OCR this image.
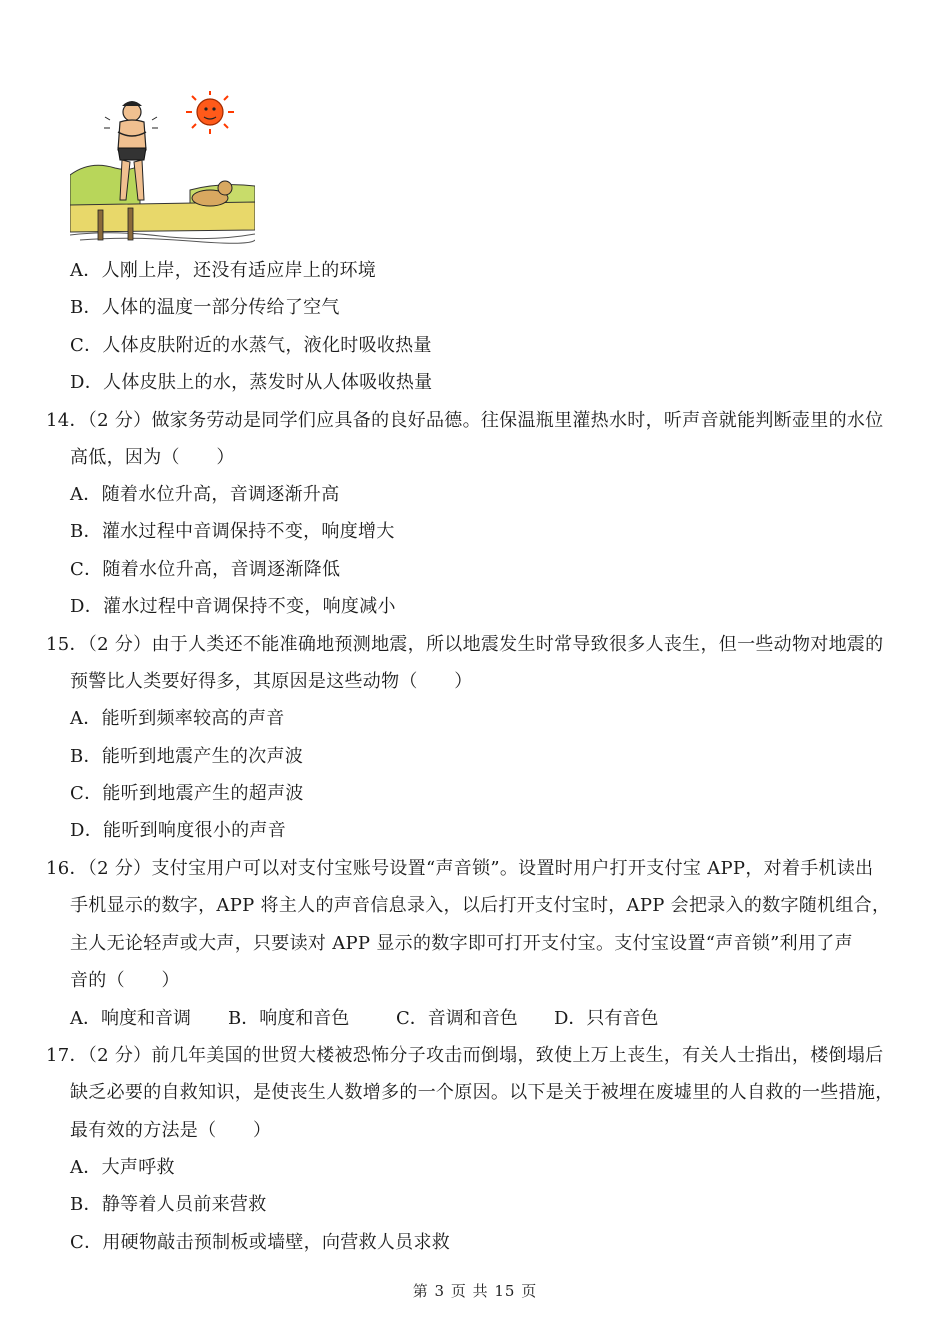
A．人刚上岸，还没有适应岸上的环境
B．人体的温度一部分传给了空气
C．人体皮肤附近的水蒸气，液化时吸收热量
D．人体皮肤上的水，蒸发时从人体吸收热量
14．（2 分）做家务劳动是同学们应具备的良好品德。往保温瓶里灌热水时，听声音就能判断壶里的水位
高低，因为（　　）
A．随着水位升高，音调逐渐升高
B．灌水过程中音调保持不变，响度增大
C．随着水位升高，音调逐渐降低
D．灌水过程中音调保持不变，响度减小
15．（2 分）由于人类还不能准确地预测地震，所以地震发生时常导致很多人丧生，但一些动物对地震的
预警比人类要好得多，其原因是这些动物（　　）
A．能听到频率较高的声音
B．能听到地震产生的次声波
C．能听到地震产生的超声波
D．能听到响度很小的声音
16．（2 分）支付宝用户可以对支付宝账号设置“声音锁”。设置时用户打开支付宝 APP，对着手机读出
手机显示的数字，APP 将主人的声音信息录入，以后打开支付宝时，APP 会把录入的数字随机组合，
主人无论轻声或大声，只要读对 APP 显示的数字即可打开支付宝。支付宝设置“声音锁”利用了声
音的（　　）
A．响度和音调 B．响度和音色	C．音调和音色 D．只有音色
17．（2 分）前几年美国的世贸大楼被恐怖分子攻击而倒塌，致使上万上丧生，有关人士指出，楼倒塌后
缺乏必要的自救知识，是使丧生人数增多的一个原因。以下是关于被埋在废墟里的人自救的一些措施，
最有效的方法是（　　）
A．大声呼救
B．静等着人员前来营救
C．用硬物敲击预制板或墙壁，向营救人员求救
第 3 页 共 15 页
